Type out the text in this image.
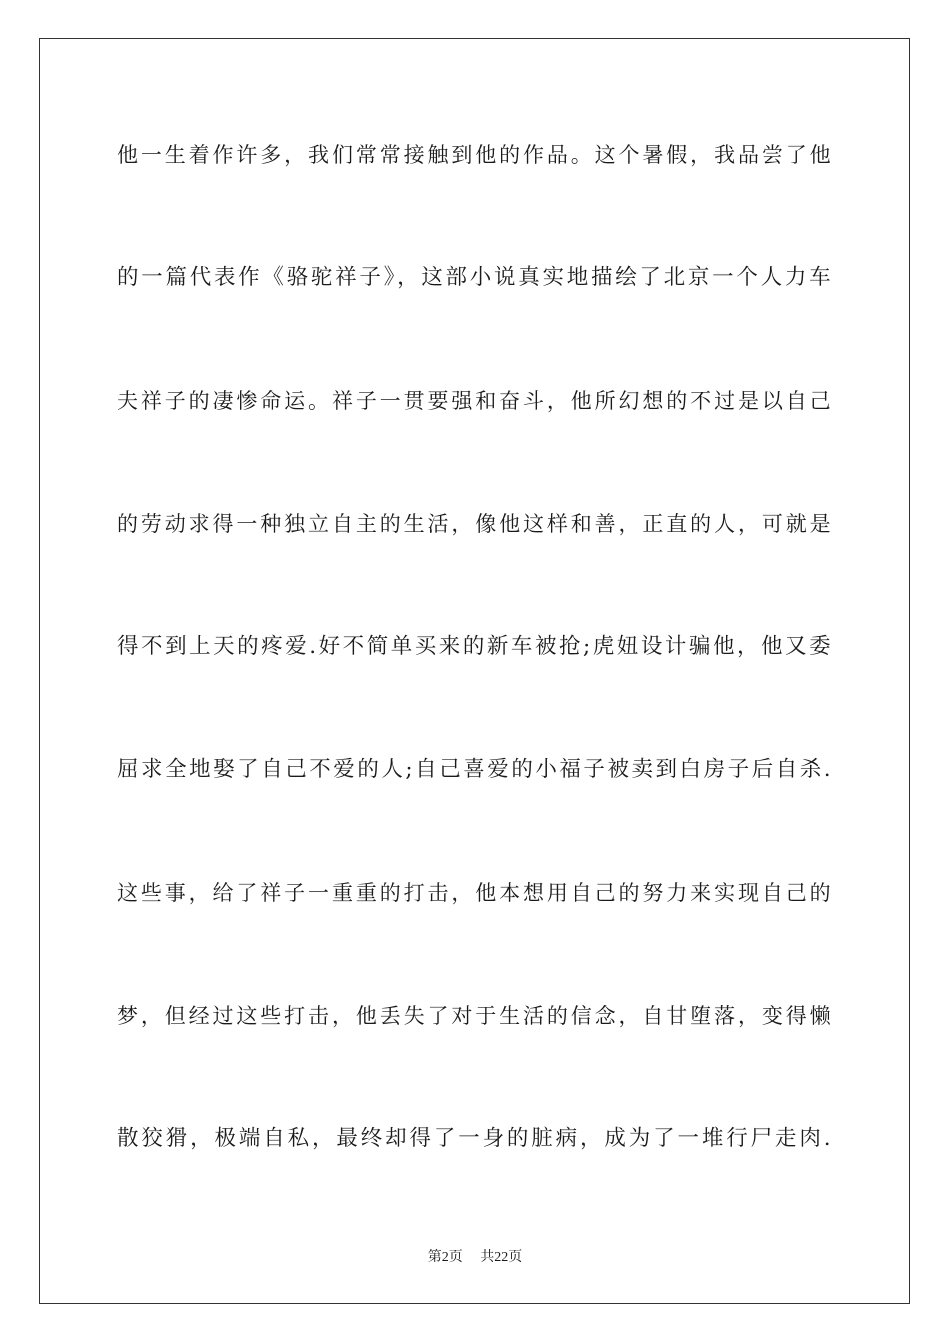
他一生着作许多，我们常常接触到他的作品。这个暑假，我品尝了他
的一篇代表作《骆驼祥子》，这部小说真实地描绘了北京一个人力车
夫祥子的凄惨命运。祥子一贯要强和奋斗，他所幻想的不过是以自己
的劳动求得一种独立自主的生活，像他这样和善，正直的人，可就是
得不到上天的疼爱.好不简单买来的新车被抢;虎妞设计骗他，他又委
屈求全地娶了自己不爱的人;自己喜爱的小福子被卖到白房子后自杀.
这些事，给了祥子一重重的打击，他本想用自己的努力来实现自己的
梦，但经过这些打击，他丢失了对于生活的信念，自甘堕落，变得懒
散狡猾，极端自私，最终却得了一身的脏病，成为了一堆行尸走肉.
第2页 共22页
